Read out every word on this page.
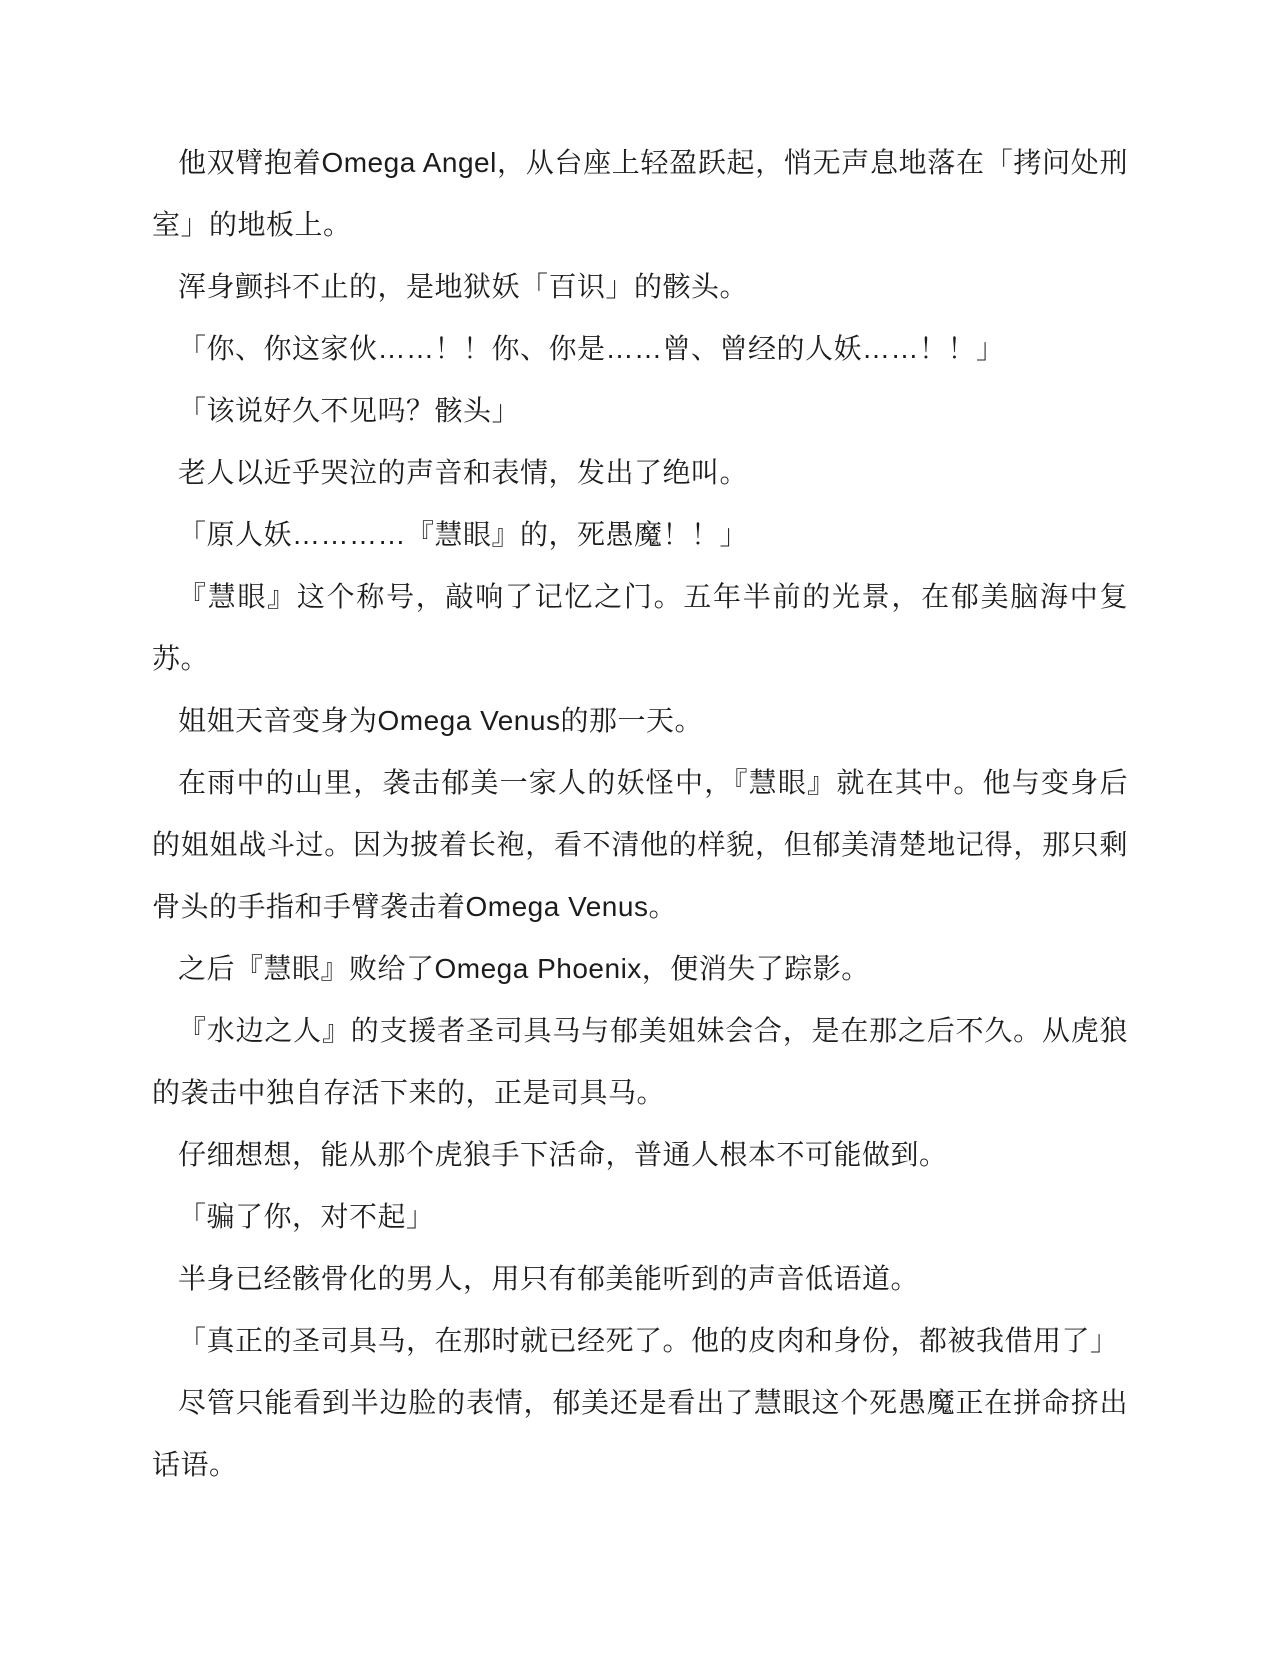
他双臂抱着Omega Angel，从台座上轻盈跃起，悄无声息地落在「拷问处刑室」的地板上。

浑身颤抖不止的，是地狱妖「百识」的骸头。

「你、你这家伙……！！你、你是……曾、曾经的人妖……！！」

「该说好久不见吗？骸头」

老人以近乎哭泣的声音和表情，发出了绝叫。

「原人妖…………『慧眼』的，死愚魔！！」

『慧眼』这个称号，敲响了记忆之门。五年半前的光景，在郁美脑海中复苏。

姐姐天音变身为Omega Venus的那一天。

在雨中的山里，袭击郁美一家人的妖怪中，『慧眼』就在其中。他与变身后的姐姐战斗过。因为披着长袍，看不清他的样貌，但郁美清楚地记得，那只剩骨头的手指和手臂袭击着Omega Venus。

之后『慧眼』败给了Omega Phoenix，便消失了踪影。

『水边之人』的支援者圣司具马与郁美姐妹会合，是在那之后不久。从虎狼的袭击中独自存活下来的，正是司具马。

仔细想想，能从那个虎狼手下活命，普通人根本不可能做到。

「骗了你，对不起」

半身已经骸骨化的男人，用只有郁美能听到的声音低语道。

「真正的圣司具马，在那时就已经死了。他的皮肉和身份，都被我借用了」

尽管只能看到半边脸的表情，郁美还是看出了慧眼这个死愚魔正在拼命挤出话语。
